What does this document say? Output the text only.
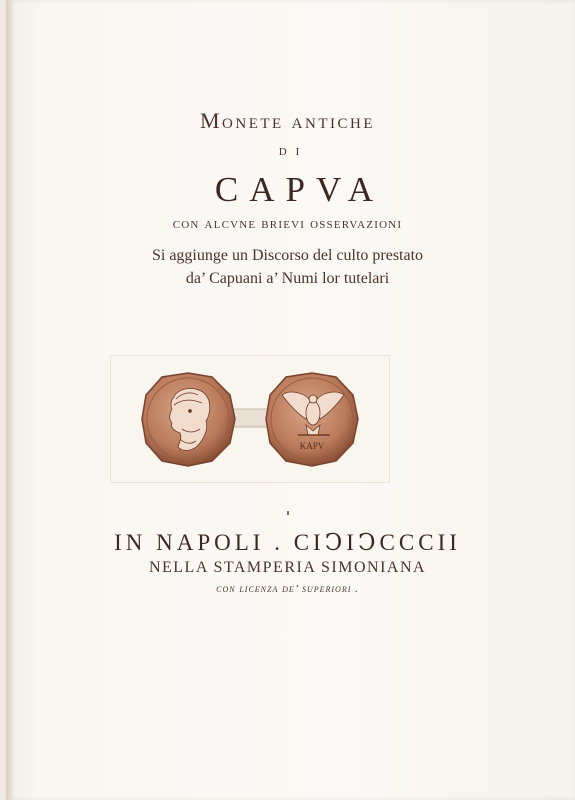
Monete antiche
di
CAPVA
con alcvne brievi osservazioni
Si aggiunge un Discorso del culto prestato
da’ Capuani a’ Numi lor tutelari
KAPV
IN NAPOLI . CIↃIↃCCCII
NELLA STAMPERIA SIMONIANA
con licenza de’ superiori .
